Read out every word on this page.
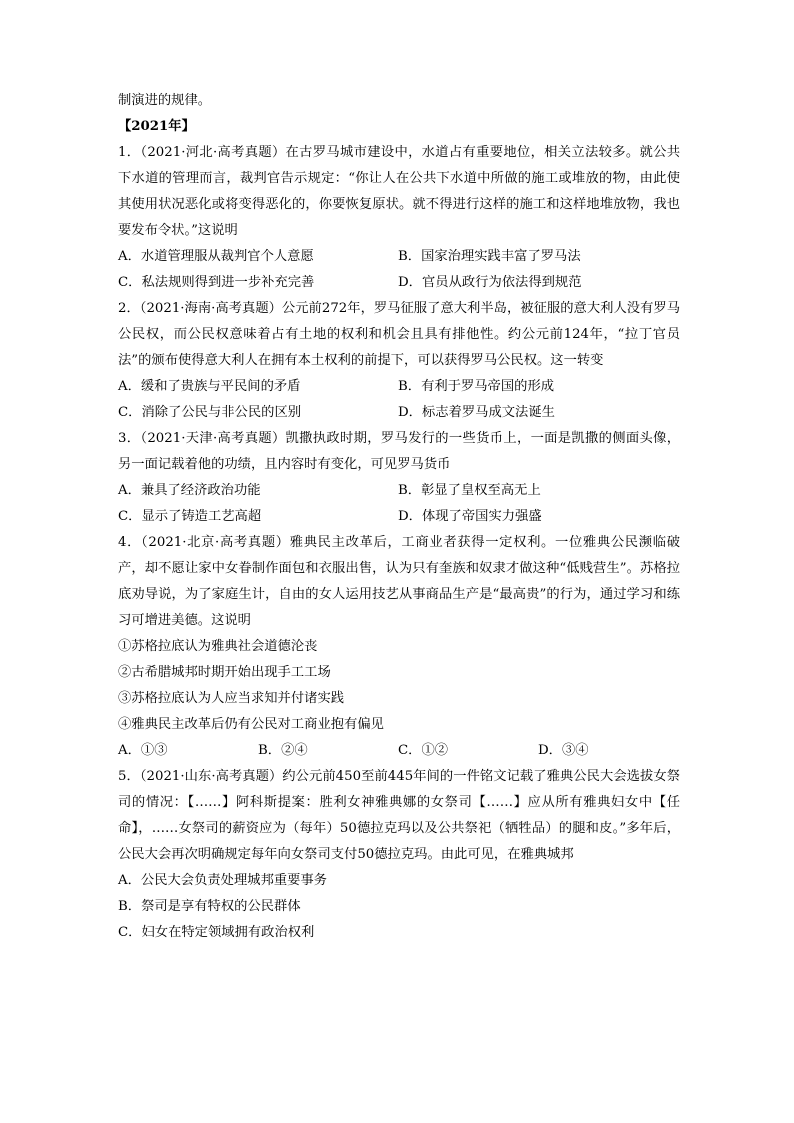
制演进的规律。

【2021年】

1．（2021·河北·高考真题）在古罗马城市建设中，水道占有重要地位，相关立法较多。就公共下水道的管理而言，裁判官告示规定：“你让人在公共下水道中所做的施工或堆放的物，由此使其使用状况恶化或将变得恶化的，你要恢复原状。就不得进行这样的施工和这样地堆放物，我也要发布令状。”这说明

A．水道管理服从裁判官个人意愿	B．国家治理实践丰富了罗马法
C．私法规则得到进一步补充完善	D．官员从政行为依法得到规范

2．（2021·海南·高考真题）公元前272年，罗马征服了意大利半岛，被征服的意大利人没有罗马公民权，而公民权意味着占有土地的权利和机会且具有排他性。约公元前124年，“拉丁官员法”的颁布使得意大利人在拥有本土权利的前提下，可以获得罗马公民权。这一转变

A．缓和了贵族与平民间的矛盾	B．有利于罗马帝国的形成
C．消除了公民与非公民的区别	D．标志着罗马成文法诞生

3．（2021·天津·高考真题）凯撒执政时期，罗马发行的一些货币上，一面是凯撒的侧面头像，另一面记载着他的功绩，且内容时有变化，可见罗马货币

A．兼具了经济政治功能	B．彰显了皇权至高无上
C．显示了铸造工艺高超	D．体现了帝国实力强盛

4．（2021·北京·高考真题）雅典民主改革后，工商业者获得一定权利。一位雅典公民濒临破产，却不愿让家中女眷制作面包和衣服出售，认为只有奎族和奴隶才做这种“低贱营生”。苏格拉底劝导说，为了家庭生计，自由的女人运用技艺从事商品生产是“最高贵”的行为，通过学习和练习可增进美德。这说明

①苏格拉底认为雅典社会道德沦丧

②古希腊城邦时期开始出现手工工场

③苏格拉底认为人应当求知并付诸实践

④雅典民主改革后仍有公民对工商业抱有偏见

A．①③	B．②④	C．①②	D．③④

5．（2021·山东·高考真题）约公元前450至前445年间的一件铭文记载了雅典公民大会选拔女祭司的情况：【……】阿科斯提案：胜利女神雅典娜的女祭司【……】应从所有雅典妇女中【任命】，……女祭司的薪资应为（每年）50德拉克玛以及公共祭祀（牺牲品）的腿和皮。”多年后，公民大会再次明确规定每年向女祭司支付50德拉克玛。由此可见，在雅典城邦

A．公民大会负责处理城邦重要事务

B．祭司是享有特权的公民群体

C．妇女在特定领域拥有政治权利
